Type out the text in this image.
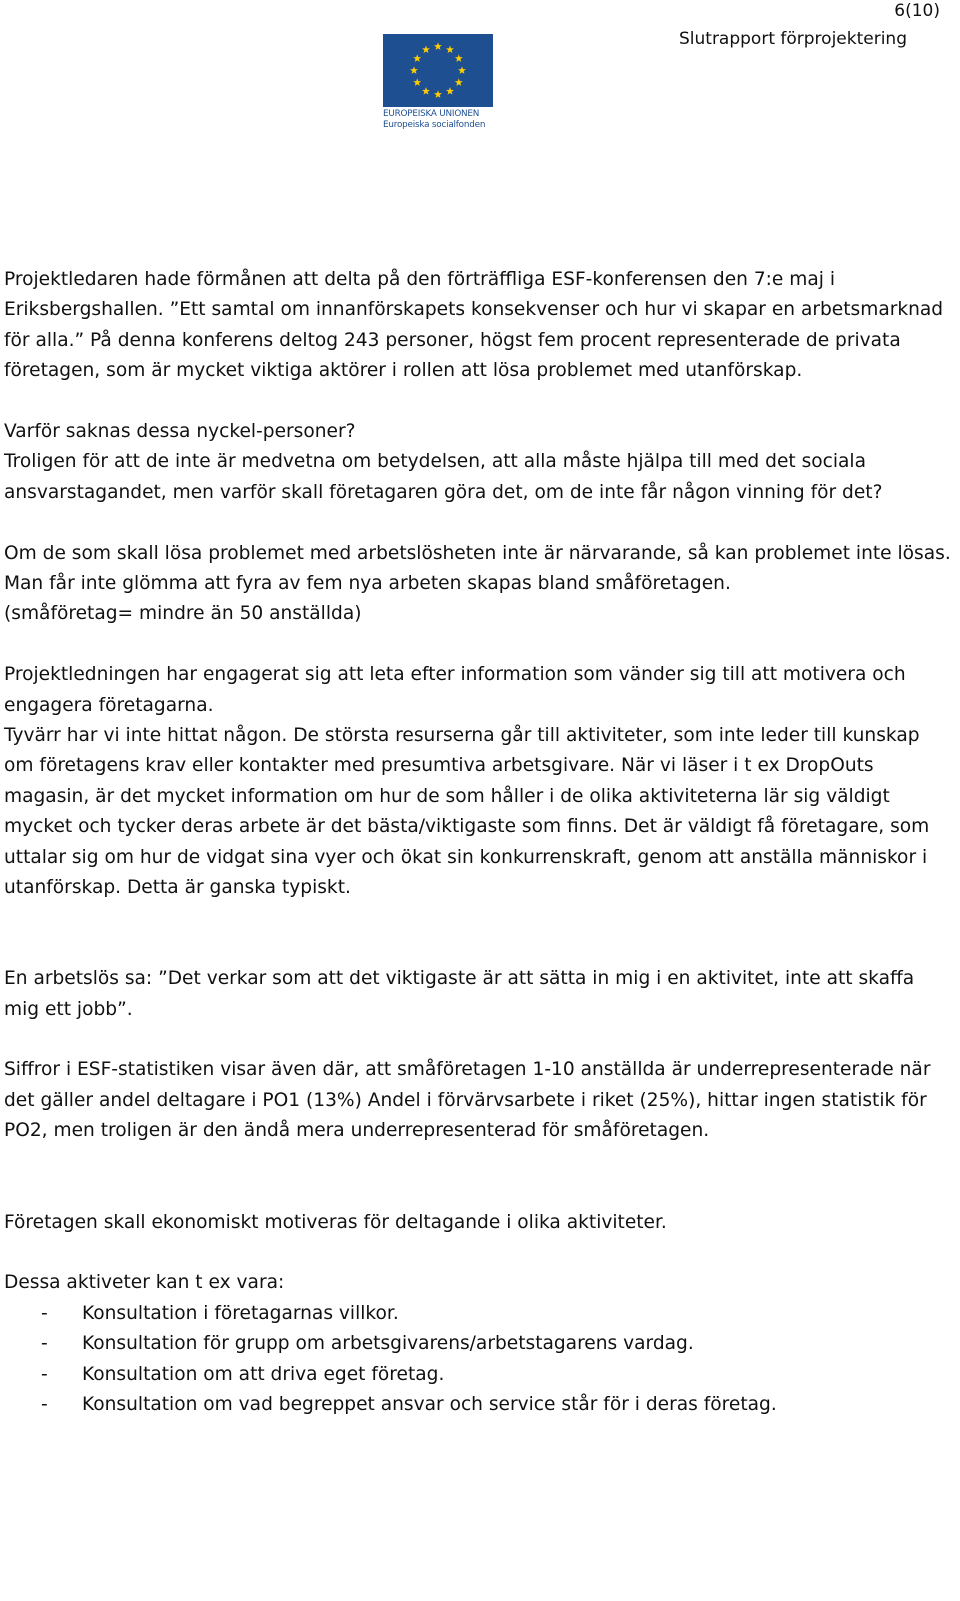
6(10)
Slutrapport förprojektering
EUROPEISKA UNIONEN
Europeiska socialfonden

Projektledaren hade förmånen att delta på den förträffliga ESF-konferensen den 7:e maj i Eriksbergshallen. ”Ett samtal om innanförskapets konsekvenser och hur vi skapar en arbetsmarknad för alla.” På denna konferens deltog 243 personer, högst fem procent representerade de privata företagen, som är mycket viktiga aktörer i rollen att lösa problemet med utanförskap.

Varför saknas dessa nyckel-personer?

Troligen för att de inte är medvetna om betydelsen, att alla måste hjälpa till med det sociala ansvarstagandet, men varför skall företagaren göra det, om de inte får någon vinning för det?

Om de som skall lösa problemet med arbetslösheten inte är närvarande, så kan problemet inte lösas.

Man får inte glömma att fyra av fem nya arbeten skapas bland småföretagen.

(småföretag= mindre än 50 anställda)

Projektledningen har engagerat sig att leta efter information som vänder sig till att motivera och engagera företagarna.

Tyvärr har vi inte hittat någon. De största resurserna går till aktiviteter, som inte leder till kunskap om företagens krav eller kontakter med presumtiva arbetsgivare. När vi läser i t ex DropOuts magasin, är det mycket information om hur de som håller i de olika aktiviteterna lär sig väldigt mycket och tycker deras arbete är det bästa/viktigaste som finns. Det är väldigt få företagare, som uttalar sig om hur de vidgat sina vyer och ökat sin konkurrenskraft, genom att anställa människor i utanförskap. Detta är ganska typiskt.

En arbetslös sa: ”Det verkar som att det viktigaste är att sätta in mig i en aktivitet, inte att skaffa mig ett jobb”.

Siffror i ESF-statistiken visar även där, att småföretagen 1-10 anställda är underrepresenterade när det gäller andel deltagare i PO1 (13%) Andel i förvärvsarbete i riket (25%), hittar ingen statistik för PO2, men troligen är den ändå mera underrepresenterad för småföretagen.

Företagen skall ekonomiskt motiveras för deltagande i olika aktiviteter.

Dessa aktiveter kan t ex vara:

-	Konsultation i företagarnas villkor.
-	Konsultation för grupp om arbetsgivarens/arbetstagarens vardag.
-	Konsultation om att driva eget företag.
-	Konsultation om vad begreppet ansvar och service står för i deras företag.
